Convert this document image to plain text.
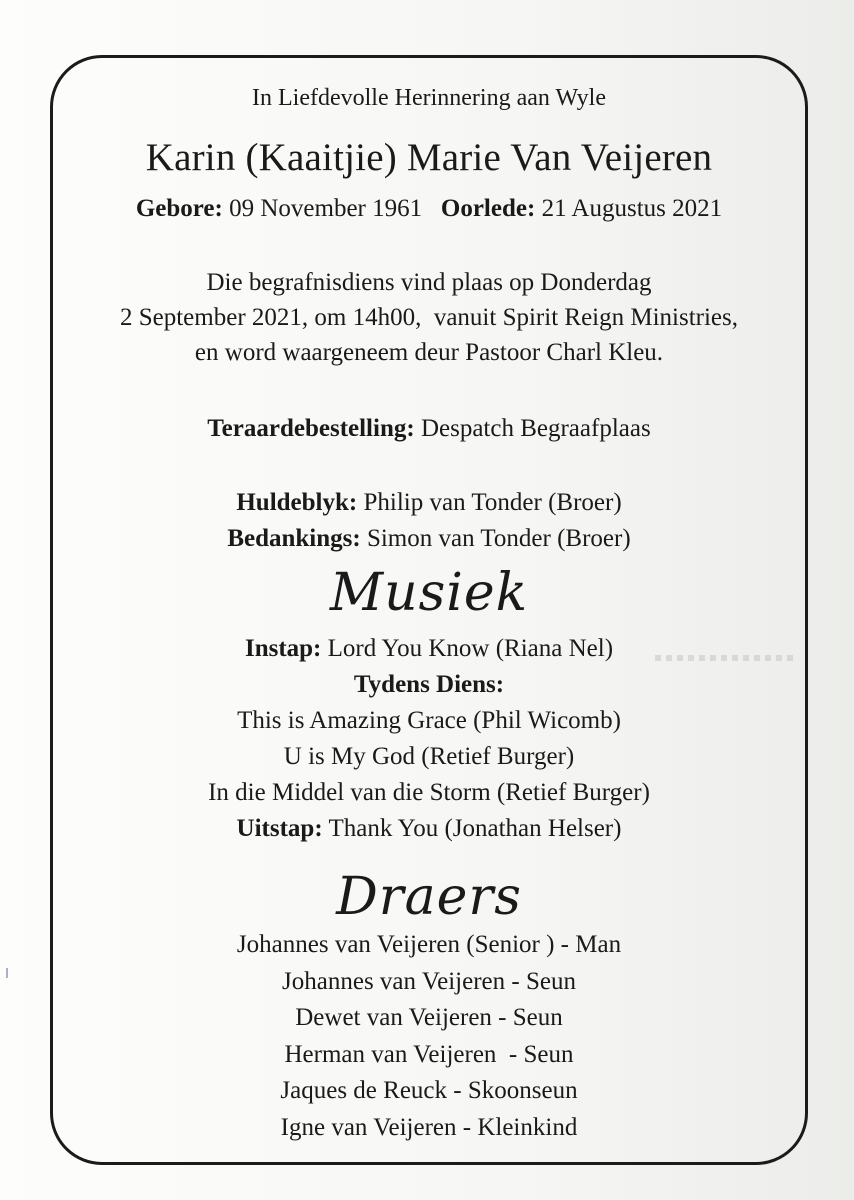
In Liefdevolle Herinnering aan Wyle
Karin (Kaaitjie) Marie Van Veijeren
Gebore: 09 November 1961 Oorlede: 21 Augustus 2021
Die begrafnisdiens vind plaas op Donderdag
2 September 2021, om 14h00,  vanuit Spirit Reign Ministries,
en word waargeneem deur Pastoor Charl Kleu.
Teraardebestelling: Despatch Begraafplaas
Huldeblyk: Philip van Tonder (Broer)
Bedankings: Simon van Tonder (Broer)
Musiek
Instap: Lord You Know (Riana Nel)
Tydens Diens:
This is Amazing Grace (Phil Wicomb)
U is My God (Retief Burger)
In die Middel van die Storm (Retief Burger)
Uitstap: Thank You (Jonathan Helser)
Draers
Johannes van Veijeren (Senior ) - Man
Johannes van Veijeren - Seun
Dewet van Veijeren - Seun
Herman van Veijeren  - Seun
Jaques de Reuck - Skoonseun
Igne van Veijeren - Kleinkind
